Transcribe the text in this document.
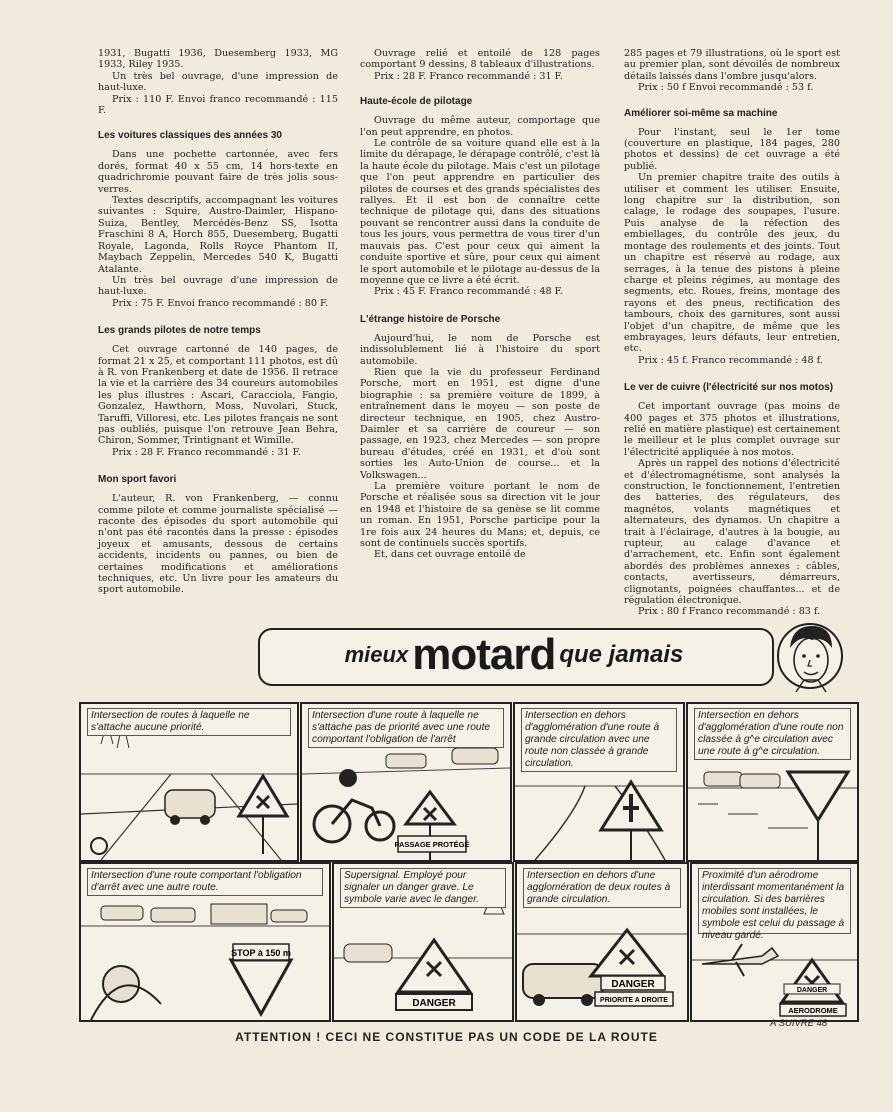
1931, Bugatti 1936, Duesemberg 1933, MG 1933, Riley 1935.

Un très bel ouvrage, d'une impression de haut-luxe.

Prix : 110 F. Envoi franco recommandé : 115 F.

Les voitures classiques des années 30

Dans une pochette cartonnée, avec fers dorés, format 40 x 55 cm, 14 hors-texte en quadrichromie pouvant faire de très jolis sous-verres.

Textes descriptifs, accompagnant les voitures suivantes : Squire, Austro-Daimler, Hispano-Suiza, Bentley, Mercédès-Benz SS, Isotta Fraschini 8 A, Horch 855, Duesemberg, Bugatti Royale, Lagonda, Rolls Royce Phantom II, Maybach Zeppelin, Mercedes 540 K, Bugatti Atalante.

Un très bel ouvrage d'une impression de haut-luxe.

Prix : 75 F. Envoi franco recommandé : 80 F.

Les grands pilotes de notre temps

Cet ouvrage cartonné de 140 pages, de format 21 x 25, et comportant 111 photos, est dû à R. von Frankenberg et date de 1956. Il retrace la vie et la carrière des 34 coureurs automobiles les plus illustres : Ascari, Caracciola, Fangio, Gonzalez, Hawthorn, Moss, Nuvolari, Stuck, Taruffi, Villoresi, etc. Les pilotes français ne sont pas oubliés, puisque l'on retrouve Jean Behra, Chiron, Sommer, Trintignant et Wimille.

Prix : 28 F. Franco recommandé : 31 F.

Mon sport favori

L'auteur, R. von Frankenberg, — connu comme pilote et comme journaliste spécialisé — raconte des épisodes du sport automobile qui n'ont pas été racontés dans la presse : épisodes joyeux et amusants, dessous de certains accidents, incidents ou pannes, ou bien de certaines modifications et améliorations techniques, etc. Un livre pour les amateurs du sport automobile.

Ouvrage relié et entoilé de 128 pages comportant 9 dessins, 8 tableaux d'illustrations.

Prix : 28 F. Franco recommandé : 31 F.

Haute-école de pilotage

Ouvrage du même auteur, comportage que l'on peut apprendre, en photos.

Le contrôle de sa voiture quand elle est à la limite du dérapage, le dérapage contrôlé, c'est là la haute école du pilotage. Mais c'est un pilotage que l'on peut apprendre en particulier des pilotes de courses et des grands spécialistes des rallyes. Et il est bon de connaître cette technique de pilotage qui, dans des situations pouvant se rencontrer aussi dans la conduite de tous les jours, vous permettra de vous tirer d'un mauvais pas. C'est pour ceux qui aiment la conduite sportive et sûre, pour ceux qui aiment le sport automobile et le pilotage au-dessus de la moyenne que ce livre a été écrit.

Prix : 45 F. Franco recommandé : 48 F.

L'étrange histoire de Porsche

Aujourd'hui, le nom de Porsche est indissolublement lié à l'histoire du sport automobile.

Rien que la vie du professeur Ferdinand Porsche, mort en 1951, est digne d'une biographie : sa première voiture de 1899, à entraînement dans le moyeu — son poste de directeur technique, en 1905, chez Austro-Daimler et sa carrière de coureur — son passage, en 1923, chez Mercedes — son propre bureau d'études, créé en 1931, et d'où sont sorties les Auto-Union de course... et la Volkswagen...

La première voiture portant le nom de Porsche et réalisée sous sa direction vit le jour en 1948 et l'histoire de sa genèse se lit comme un roman. En 1951, Porsche participe pour la 1re fois aux 24 heures du Mans; et, depuis, ce sont de continuels succès sportifs.

Et, dans cet ouvrage entoilé de

285 pages et 79 illustrations, où le sport est au premier plan, sont dévoilés de nombreux détails laissés dans l'ombre jusqu'alors.

Prix : 50 f Envoi recommandé : 53 f.

Améliorer soi-même sa machine

Pour l'instant, seul le 1er tome (couverture en plastique, 184 pages, 280 photos et dessins) de cet ouvrage a été publié.

Un premier chapitre traite des outils à utiliser et comment les utiliser. Ensuite, long chapitre sur la distribution, son calage, le rodage des soupapes, l'usure. Puis analyse de la réfection des embiellages, du contrôle des jeux, du montage des roulements et des joints. Tout un chapitre est réservé au rodage, aux serrages, à la tenue des pistons à pleine charge et pleins régimes, au montage des segments, etc. Roues, freins, montage des rayons et des pneus, rectification des tambours, choix des garnitures, sont aussi l'objet d'un chapitre, de même que les embrayages, leurs défauts, leur entretien, etc.

Prix : 45 f. Franco recommandé : 48 f.

Le ver de cuivre (l'électricité sur nos motos)

Cet important ouvrage (pas moins de 400 pages et 375 photos et illustrations, relié en matière plastique) est certainement le meilleur et le plus complet ouvrage sur l'électricité appliquée à nos motos.

Après un rappel des notions d'électricité et d'électromagnétisme, sont analysés la construction, le fonctionnement, l'entretien des batteries, des régulateurs, des magnétos, volants magnétiques et alternateurs, des dynamos. Un chapitre a trait à l'éclairage, d'autres à la bougie, au rupteur, au calage d'avance et d'arrachement, etc. Enfin sont également abordés des problèmes annexes : câbles, contacts, avertisseurs, démarreurs, clignotants, poignées chauffantes... et de régulation électronique.

Prix : 80 f Franco recommandé : 83 f.

mieux motard que jamais
Intersection de routes à laquelle ne s'attache aucune priorité.
PASSAGE PROTÉGÉ
Intersection d'une route à laquelle ne s'attache pas de priorité avec une route comportant l'obligation de l'arrêt
Intersection en dehors d'agglomération d'une route à grande circulation avec une route non classée à grande circulation.
Intersection en dehors d'agglomération d'une route non classée à g^e circulation avec une route à g^e circulation.
STOP à 150 m
Intersection d'une route comportant l'obligation d'arrêt avec une autre route.
DANGER
Supersignal. Employé pour signaler un danger grave. Le symbole varie avec le danger.
DANGER
PRIORITE A DROITE
Intersection en dehors d'une agglomération de deux routes à grande circulation.
DANGER
AERODROME
Proximité d'un aérodrome interdissant momentanément la circulation. Si des barrières mobiles sont installées, le symbole est celui du passage à niveau gardé.
A SUIVRE 48
ATTENTION ! CECI NE CONSTITUE PAS UN CODE DE LA ROUTE
